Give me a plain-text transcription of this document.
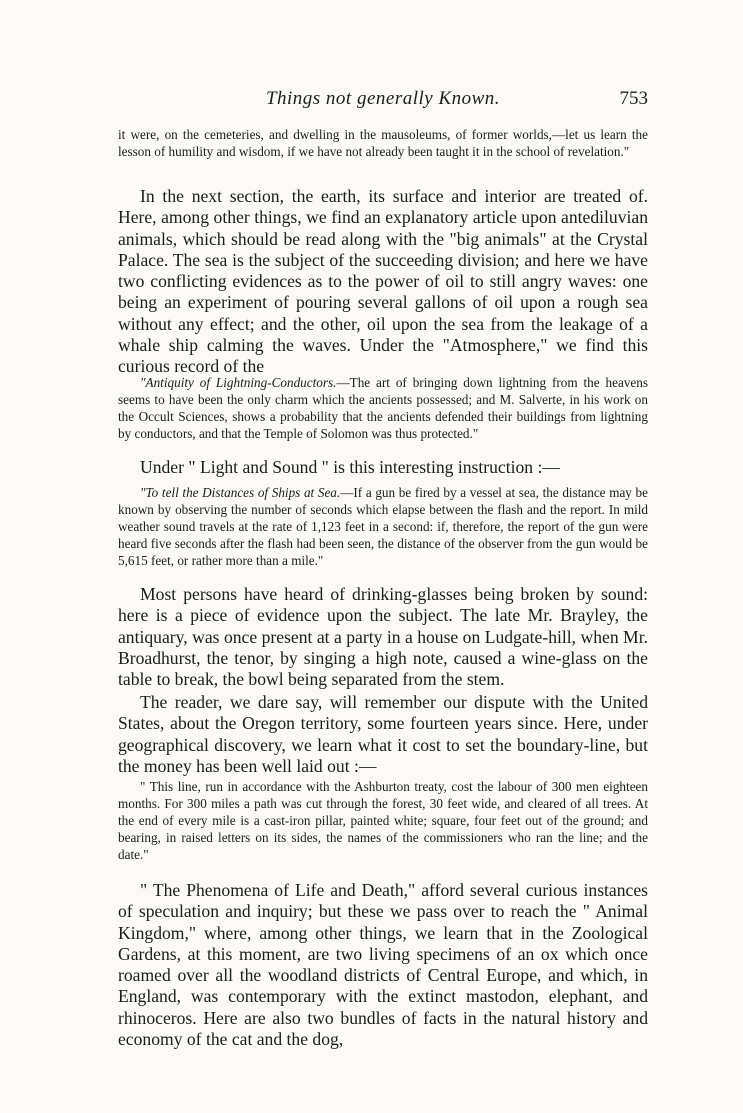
Things not generally Known.	753

it were, on the cemeteries, and dwelling in the mausoleums, of former worlds,—let us learn the lesson of humility and wisdom, if we have not already been taught it in the school of revelation."

In the next section, the earth, its surface and interior are treated of. Here, among other things, we find an explanatory article upon antediluvian animals, which should be read along with the "big animals" at the Crystal Palace. The sea is the subject of the succeeding division; and here we have two conflicting evidences as to the power of oil to still angry waves: one being an experiment of pouring several gallons of oil upon a rough sea without any effect; and the other, oil upon the sea from the leakage of a whale ship calming the waves. Under the "Atmosphere," we find this curious record of the

"Antiquity of Lightning-Conductors.—The art of bringing down lightning from the heavens seems to have been the only charm which the ancients possessed; and M. Salverte, in his work on the Occult Sciences, shows a probability that the ancients defended their buildings from lightning by conductors, and that the Temple of Solomon was thus protected."

Under " Light and Sound " is this interesting instruction :—

"To tell the Distances of Ships at Sea.—If a gun be fired by a vessel at sea, the distance may be known by observing the number of seconds which elapse between the flash and the report. In mild weather sound travels at the rate of 1,123 feet in a second: if, therefore, the report of the gun were heard five seconds after the flash had been seen, the distance of the observer from the gun would be 5,615 feet, or rather more than a mile."

Most persons have heard of drinking-glasses being broken by sound: here is a piece of evidence upon the subject. The late Mr. Brayley, the antiquary, was once present at a party in a house on Ludgate-hill, when Mr. Broadhurst, the tenor, by singing a high note, caused a wine-glass on the table to break, the bowl being separated from the stem.

The reader, we dare say, will remember our dispute with the United States, about the Oregon territory, some fourteen years since. Here, under geographical discovery, we learn what it cost to set the boundary-line, but the money has been well laid out :—

" This line, run in accordance with the Ashburton treaty, cost the labour of 300 men eighteen months. For 300 miles a path was cut through the forest, 30 feet wide, and cleared of all trees. At the end of every mile is a cast-iron pillar, painted white; square, four feet out of the ground; and bearing, in raised letters on its sides, the names of the commissioners who ran the line; and the date."

" The Phenomena of Life and Death," afford several curious instances of speculation and inquiry; but these we pass over to reach the " Animal Kingdom," where, among other things, we learn that in the Zoological Gardens, at this moment, are two living specimens of an ox which once roamed over all the woodland districts of Central Europe, and which, in England, was contemporary with the extinct mastodon, elephant, and rhinoceros. Here are also two bundles of facts in the natural history and economy of the cat and the dog,
